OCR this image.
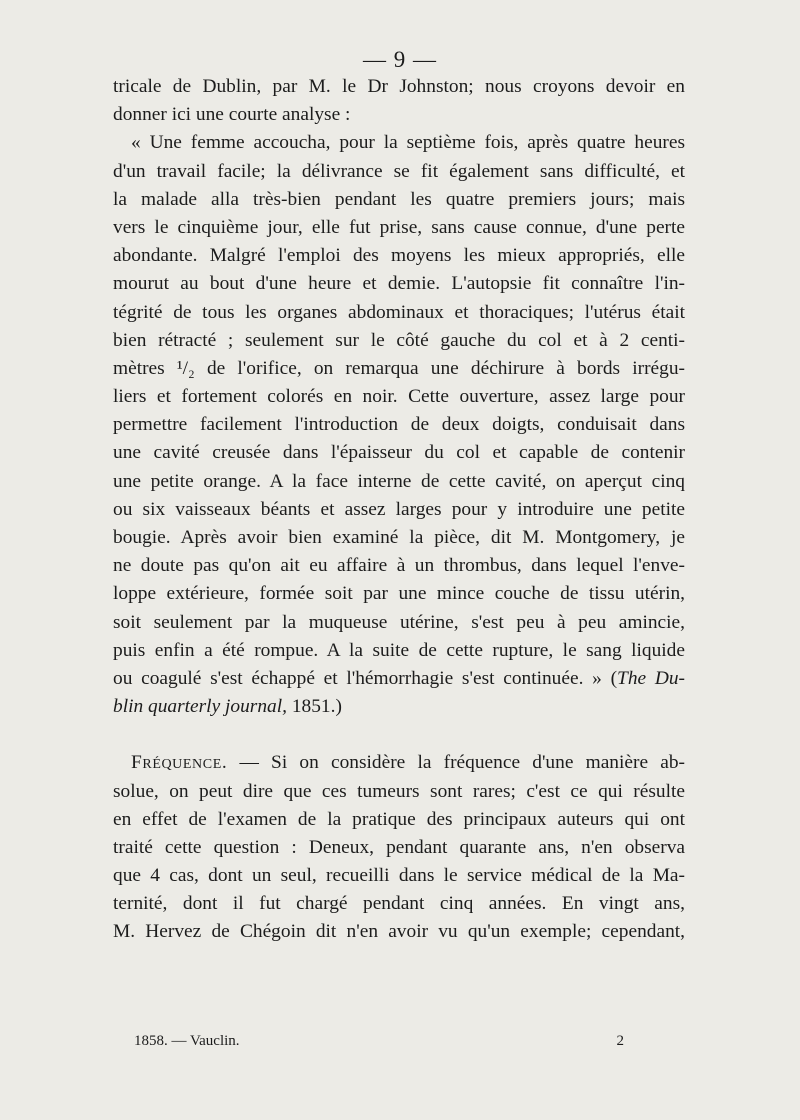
— 9 —
tricale de Dublin, par M. le Dr Johnston; nous croyons devoir en
donner ici une courte analyse :
« Une femme accoucha, pour la septième fois, après quatre heures
d'un travail facile; la délivrance se fit également sans difficulté, et
la malade alla très-bien pendant les quatre premiers jours; mais
vers le cinquième jour, elle fut prise, sans cause connue, d'une perte
abondante. Malgré l'emploi des moyens les mieux appropriés, elle
mourut au bout d'une heure et demie. L'autopsie fit connaître l'in-
tégrité de tous les organes abdominaux et thoraciques; l'utérus était
bien rétracté ; seulement sur le côté gauche du col et à 2 centi-
mètres ¹/₂ de l'orifice, on remarqua une déchirure à bords irrégu-
liers et fortement colorés en noir. Cette ouverture, assez large pour
permettre facilement l'introduction de deux doigts, conduisait dans
une cavité creusée dans l'épaisseur du col et capable de contenir
une petite orange. A la face interne de cette cavité, on aperçut cinq
ou six vaisseaux béants et assez larges pour y introduire une petite
bougie. Après avoir bien examiné la pièce, dit M. Montgomery, je
ne doute pas qu'on ait eu affaire à un thrombus, dans lequel l'enve-
loppe extérieure, formée soit par une mince couche de tissu utérin,
soit seulement par la muqueuse utérine, s'est peu à peu amincie,
puis enfin a été rompue. A la suite de cette rupture, le sang liquide
ou coagulé s'est échappé et l'hémorrhagie s'est continuée. » (The Du-
blin quarterly journal, 1851.)
Fréquence. — Si on considère la fréquence d'une manière ab-
solue, on peut dire que ces tumeurs sont rares; c'est ce qui résulte
en effet de l'examen de la pratique des principaux auteurs qui ont
traité cette question : Deneux, pendant quarante ans, n'en observa
que 4 cas, dont un seul, recueilli dans le service médical de la Ma-
ternité, dont il fut chargé pendant cinq années. En vingt ans,
M. Hervez de Chégoin dit n'en avoir vu qu'un exemple; cependant,
1858. — Vauclin.	2
